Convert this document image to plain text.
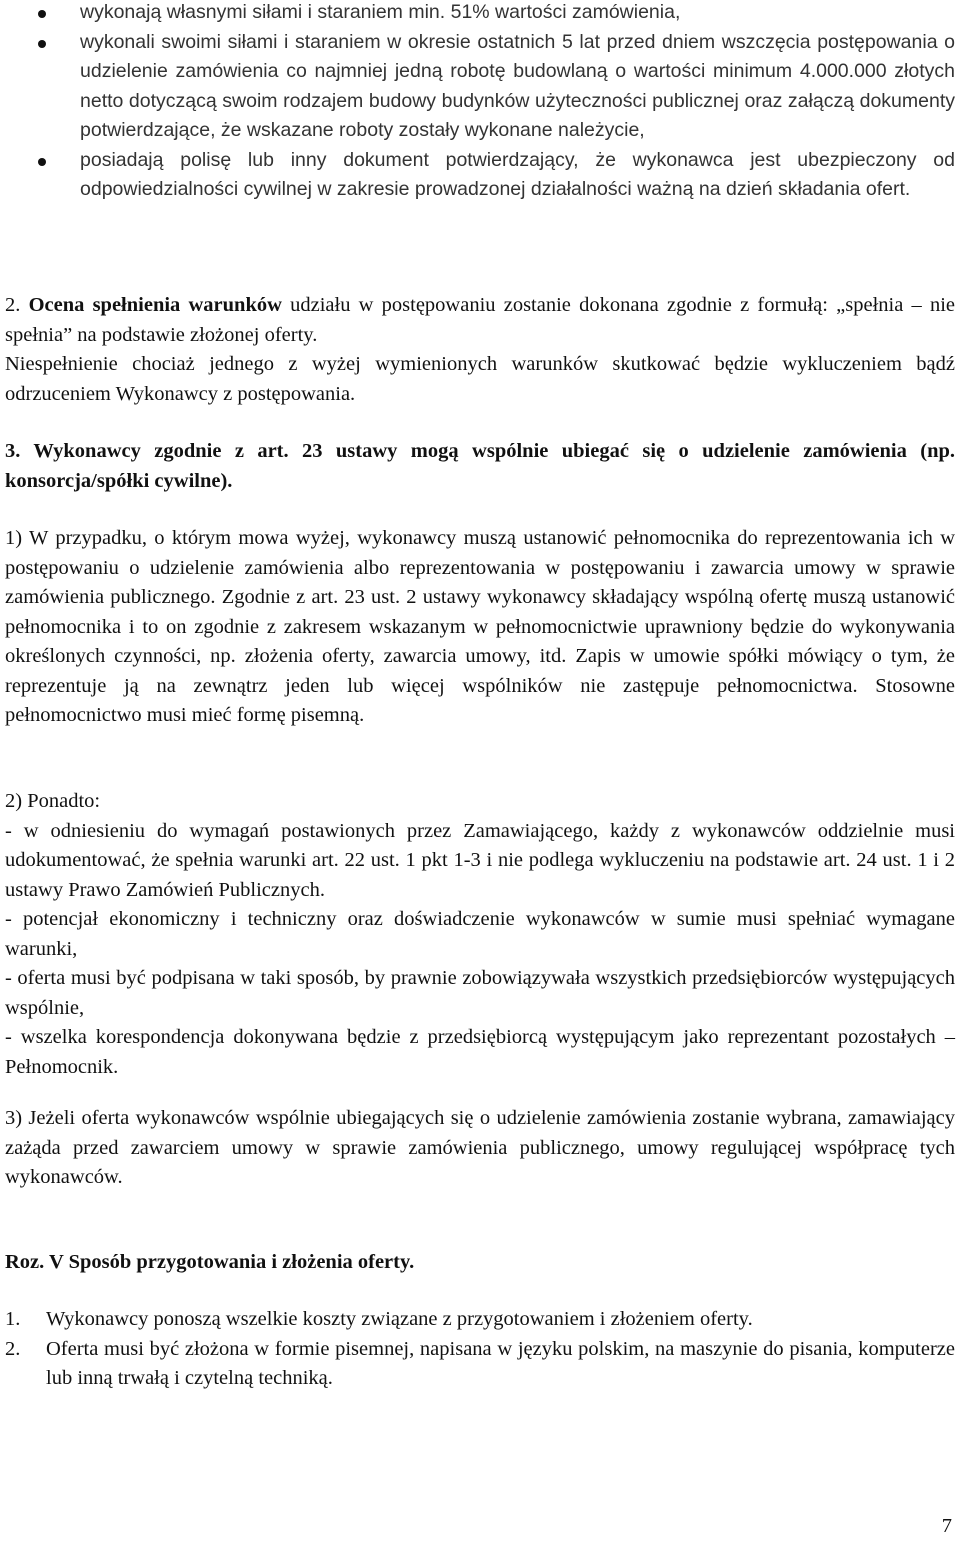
wykonają własnymi siłami i staraniem min. 51% wartości zamówienia,
wykonali swoimi siłami i staraniem w okresie ostatnich 5 lat przed dniem wszczęcia postępowania o udzielenie zamówienia co najmniej jedną robotę budowlaną o wartości minimum 4.000.000 złotych netto dotyczącą swoim rodzajem budowy budynków użyteczności publicznej oraz załączą dokumenty potwierdzające, że wskazane roboty zostały wykonane należycie,
posiadają polisę lub inny dokument potwierdzający, że wykonawca jest ubezpieczony od odpowiedzialności cywilnej w zakresie prowadzonej działalności ważną na dzień składania ofert.

2. Ocena spełnienia warunków udziału w postępowaniu zostanie dokonana zgodnie z formułą: „spełnia – nie spełnia” na podstawie złożonej oferty.

Niespełnienie chociaż jednego z wyżej wymienionych warunków skutkować będzie wykluczeniem bądź odrzuceniem Wykonawcy z postępowania.

3. Wykonawcy zgodnie z art. 23 ustawy mogą wspólnie ubiegać się o udzielenie zamówienia (np. konsorcja/spółki cywilne).

1) W przypadku, o którym mowa wyżej, wykonawcy muszą ustanowić pełnomocnika do reprezentowania ich w postępowaniu o udzielenie zamówienia albo reprezentowania w postępowaniu i zawarcia umowy w sprawie zamówienia publicznego. Zgodnie z art. 23 ust. 2 ustawy wykonawcy składający wspólną ofertę muszą ustanowić pełnomocnika i to on zgodnie z zakresem wskazanym w pełnomocnictwie uprawniony będzie do wykonywania określonych czynności, np. złożenia oferty, zawarcia umowy, itd. Zapis w umowie spółki mówiący o tym, że reprezentuje ją na zewnątrz jeden lub więcej wspólników nie zastępuje pełnomocnictwa. Stosowne pełnomocnictwo musi mieć formę pisemną.

2) Ponadto:

- w odniesieniu do wymagań postawionych przez Zamawiającego, każdy z wykonawców oddzielnie musi udokumentować, że spełnia warunki art. 22 ust. 1 pkt 1-3 i nie podlega wykluczeniu na podstawie art. 24 ust. 1 i 2 ustawy Prawo Zamówień Publicznych.

- potencjał ekonomiczny i techniczny oraz doświadczenie wykonawców w sumie musi spełniać wymagane warunki,

- oferta musi być podpisana w taki sposób, by prawnie zobowiązywała wszystkich przedsiębiorców występujących wspólnie,

- wszelka korespondencja dokonywana będzie z przedsiębiorcą występującym jako reprezentant pozostałych – Pełnomocnik.

3) Jeżeli oferta wykonawców wspólnie ubiegających się o udzielenie zamówienia zostanie wybrana, zamawiający zażąda przed zawarciem umowy w sprawie zamówienia publicznego, umowy regulującej współpracę tych wykonawców.

Roz. V Sposób przygotowania i złożenia oferty.

1. Wykonawcy ponoszą wszelkie koszty związane z przygotowaniem i złożeniem oferty.
2. Oferta musi być złożona w formie pisemnej, napisana w języku polskim, na maszynie do pisania, komputerze lub inną trwałą i czytelną techniką.
7
